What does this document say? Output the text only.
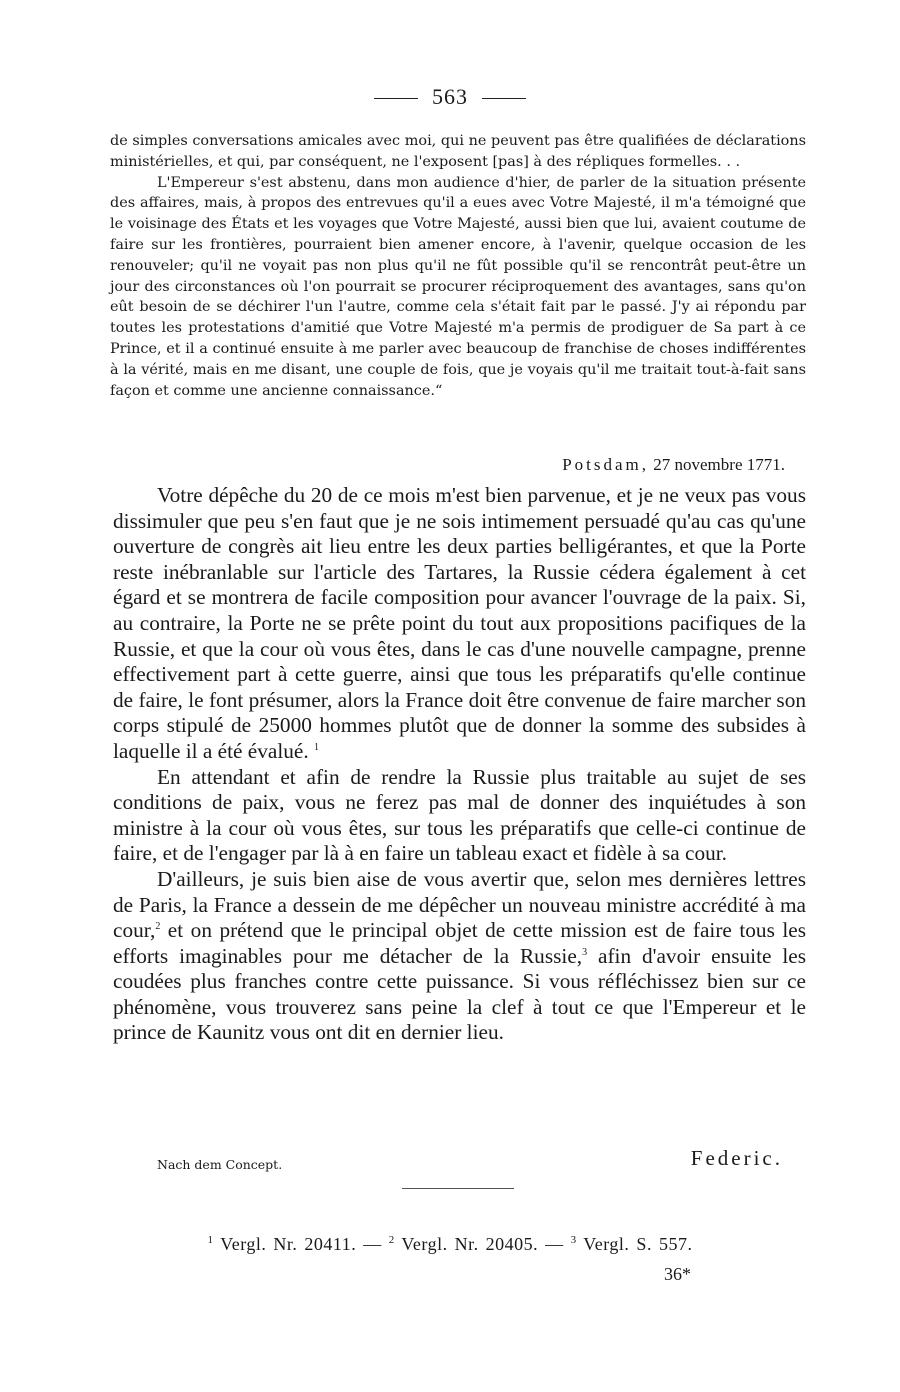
563

de simples conversations amicales avec moi, qui ne peuvent pas être qualifiées de déclarations ministérielles, et qui, par conséquent, ne l'exposent [pas] à des répliques formelles. . .

L'Empereur s'est abstenu, dans mon audience d'hier, de parler de la situation présente des affaires, mais, à propos des entrevues qu'il a eues avec Votre Majesté, il m'a témoigné que le voisinage des États et les voyages que Votre Majesté, aussi bien que lui, avaient coutume de faire sur les frontières, pourraient bien amener encore, à l'avenir, quelque occasion de les renouveler; qu'il ne voyait pas non plus qu'il ne fût possible qu'il se rencontrât peut-être un jour des circonstances où l'on pourrait se procurer réciproquement des avantages, sans qu'on eût besoin de se déchirer l'un l'autre, comme cela s'était fait par le passé. J'y ai répondu par toutes les protestations d'amitié que Votre Majesté m'a permis de prodiguer de Sa part à ce Prince, et il a continué ensuite à me parler avec beaucoup de franchise de choses indifférentes à la vérité, mais en me disant, une couple de fois, que je voyais qu'il me traitait tout-à-fait sans façon et comme une ancienne connaissance.“

Potsdam, 27 novembre 1771.

Votre dépêche du 20 de ce mois m'est bien parvenue, et je ne veux pas vous dissimuler que peu s'en faut que je ne sois intimement persuadé qu'au cas qu'une ouverture de congrès ait lieu entre les deux parties belligérantes, et que la Porte reste inébranlable sur l'article des Tartares, la Russie cédera également à cet égard et se montrera de facile composition pour avancer l'ouvrage de la paix. Si, au contraire, la Porte ne se prête point du tout aux propositions pacifiques de la Russie, et que la cour où vous êtes, dans le cas d'une nouvelle campagne, prenne effectivement part à cette guerre, ainsi que tous les préparatifs qu'elle continue de faire, le font présumer, alors la France doit être convenue de faire marcher son corps stipulé de 25000 hommes plutôt que de donner la somme des subsides à laquelle il a été évalué. $^1$

En attendant et afin de rendre la Russie plus traitable au sujet de ses conditions de paix, vous ne ferez pas mal de donner des inquiétudes à son ministre à la cour où vous êtes, sur tous les préparatifs que celle-ci continue de faire, et de l'engager par là à en faire un tableau exact et fidèle à sa cour.

D'ailleurs, je suis bien aise de vous avertir que, selon mes dernières lettres de Paris, la France a dessein de me dépêcher un nouveau ministre accrédité à ma cour,$^2$ et on prétend que le principal objet de cette mission est de faire tous les efforts imaginables pour me détacher de la Russie,$^3$ afin d'avoir ensuite les coudées plus franches contre cette puissance. Si vous réfléchissez bien sur ce phénomène, vous trouverez sans peine la clef à tout ce que l'Empereur et le prince de Kaunitz vous ont dit en dernier lieu.

Nach dem Concept.	Federic.
$^1$ Vergl. Nr. 20411. — $^2$ Vergl. Nr. 20405. — $^3$ Vergl. S. 557.
36*
